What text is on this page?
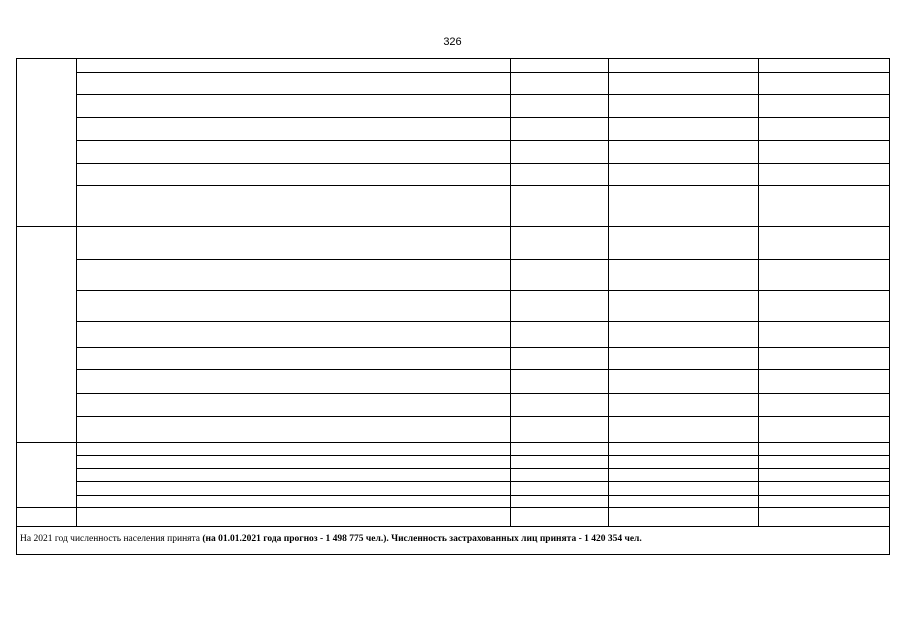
326
На 2021 год численность населения принята (на 01.01.2021 года прогноз - 1 498 775 чел.). Численность застрахованных лиц принята - 1 420 354 чел.
